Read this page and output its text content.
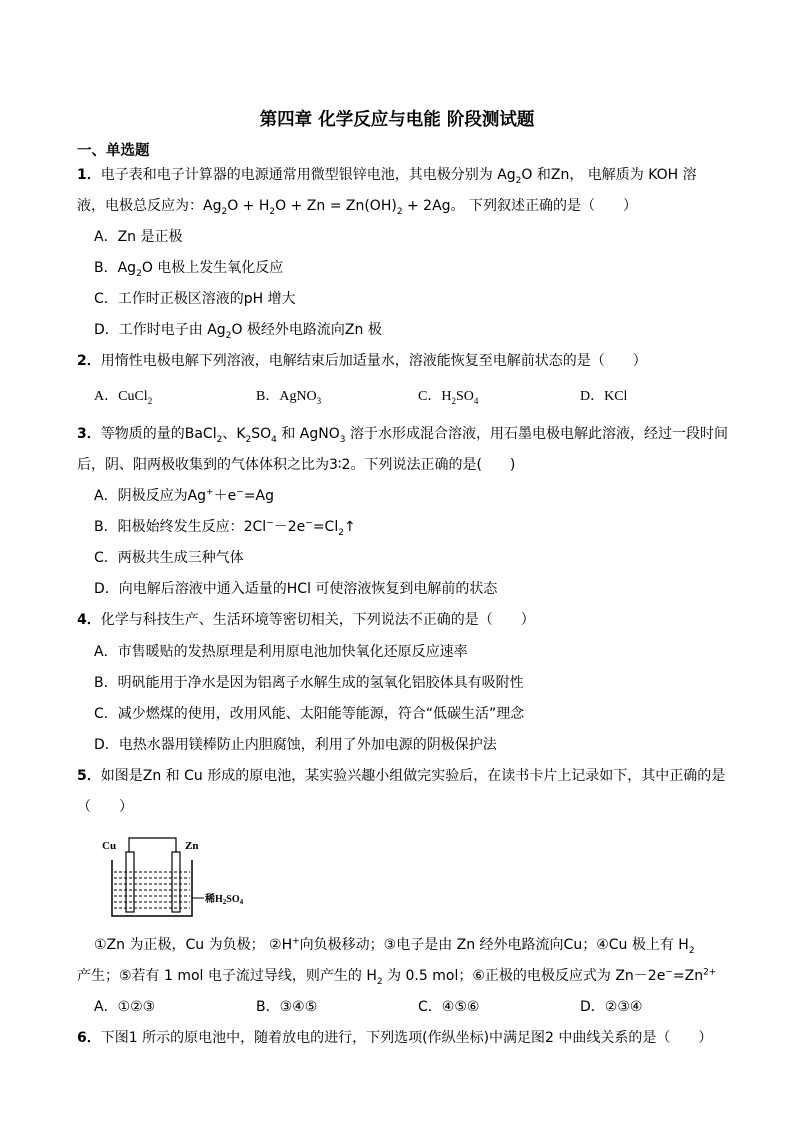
第四章 化学反应与电能 阶段测试题
一、单选题
1．电子表和电子计算器的电源通常用微型银锌电池，其电极分别为 $Ag_2O$ 和Zn， 电解质为 KOH 溶
液，电极总反应为：$Ag_2O + H_2O + Zn = Zn(OH)_2 + 2Ag$。 下列叙述正确的是（　　）
A．Zn 是正极
B．$Ag_2O$ 电极上发生氧化反应
C．工作时正极区溶液的pH 增大
D．工作时电子由 $Ag_2O$ 极经外电路流向Zn 极
2．用惰性电极电解下列溶液，电解结束后加适量水，溶液能恢复至电解前状态的是（　　）
A．CuCl$_2$	B．AgNO$_3$	C．$H_2SO_4$	D．KCl
3．等物质的量的BaCl$_2$、$K_2SO_4$ 和 AgNO$_3$ 溶于水形成混合溶液，用石墨电极电解此溶液，经过一段时间
后，阴、阳两极收集到的气体体积之比为3∶2。下列说法正确的是(　　)
A．阴极反应为Ag+＋e−=Ag
B．阳极始终发生反应：$2Cl^--2e^-=Cl_2↑$
C．两极共生成三种气体
D．向电解后溶液中通入适量的HCl 可使溶液恢复到电解前的状态
4．化学与科技生产、生活环境等密切相关，下列说法不正确的是（　　）
A．市售暖贴的发热原理是利用原电池加快氧化还原反应速率
B．明矾能用于净水是因为铝离子水解生成的氢氧化铝胶体具有吸附性
C．减少燃煤的使用，改用风能、太阳能等能源，符合“低碳生活”理念
D．电热水器用镁棒防止内胆腐蚀，利用了外加电源的阴极保护法
5．如图是Zn 和 Cu 形成的原电池，某实验兴趣小组做完实验后，在读书卡片上记录如下，其中正确的是
（　　）
Cu	Zn
稀$H_2SO_4$
①Zn 为正极，Cu 为负极； ②H+向负极移动；③电子是由 Zn 经外电路流向Cu；④Cu 极上有 $H_2$
产生；⑤若有 1 mol 电子流过导线，则产生的 $H_2$ 为 0.5 mol；⑥正极的电极反应式为 $Zn-2e^-=Zn^{2+}$
A．①②③	B．③④⑤	C．④⑤⑥	D．②③④
6．下图1 所示的原电池中，随着放电的进行，下列选项(作纵坐标)中满足图2 中曲线关系的是（　　）
